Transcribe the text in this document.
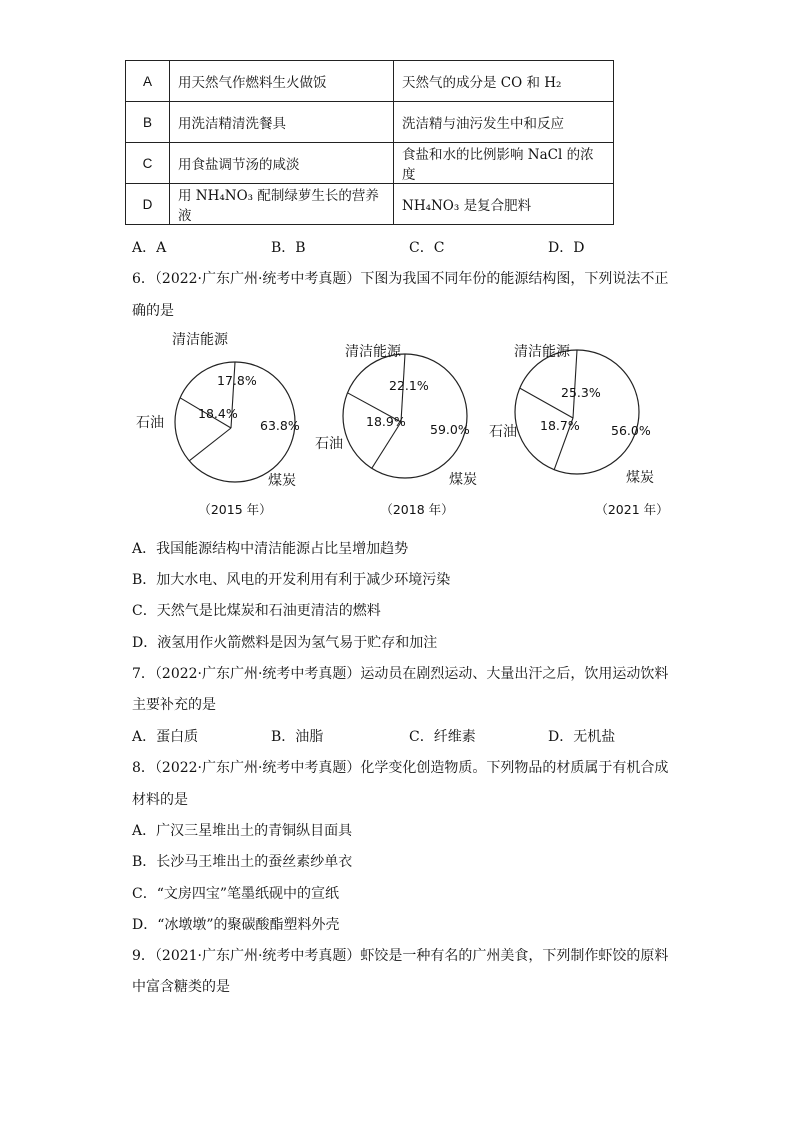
A	用天然气作燃料生火做饭	天然气的成分是 CO 和 H₂
B	用洗洁精清洗餐具	洗洁精与油污发生中和反应
C	用食盐调节汤的咸淡	食盐和水的比例影响 NaCl 的浓度
D	用 NH₄NO₃ 配制绿萝生长的营养液	NH₄NO₃ 是复合肥料
A．A	B．B	C．C	D．D
6．（2022·广东广州·统考中考真题）下图为我国不同年份的能源结构图，下列说法不正
确的是
清洁能源
石油
煤炭
17.8%
18.4%
63.8%
（2015 年）
清洁能源
石油
煤炭
22.1%
18.9%
59.0%
（2018 年）
清洁能源
石油
煤炭
25.3%
18.7%	56.0%
（2021 年）
A．我国能源结构中清洁能源占比呈增加趋势
B．加大水电、风电的开发利用有利于减少环境污染
C．天然气是比煤炭和石油更清洁的燃料
D．液氢用作火箭燃料是因为氢气易于贮存和加注
7．（2022·广东广州·统考中考真题）运动员在剧烈运动、大量出汗之后，饮用运动饮料
主要补充的是
A．蛋白质	B．油脂	C．纤维素	D．无机盐
8．（2022·广东广州·统考中考真题）化学变化创造物质。下列物品的材质属于有机合成
材料的是
A．广汉三星堆出土的青铜纵目面具
B．长沙马王堆出土的蚕丝素纱单衣
C．“文房四宝”笔墨纸砚中的宣纸
D．“冰墩墩”的聚碳酸酯塑料外壳
9．（2021·广东广州·统考中考真题）虾饺是一种有名的广州美食，下列制作虾饺的原料
中富含糖类的是
